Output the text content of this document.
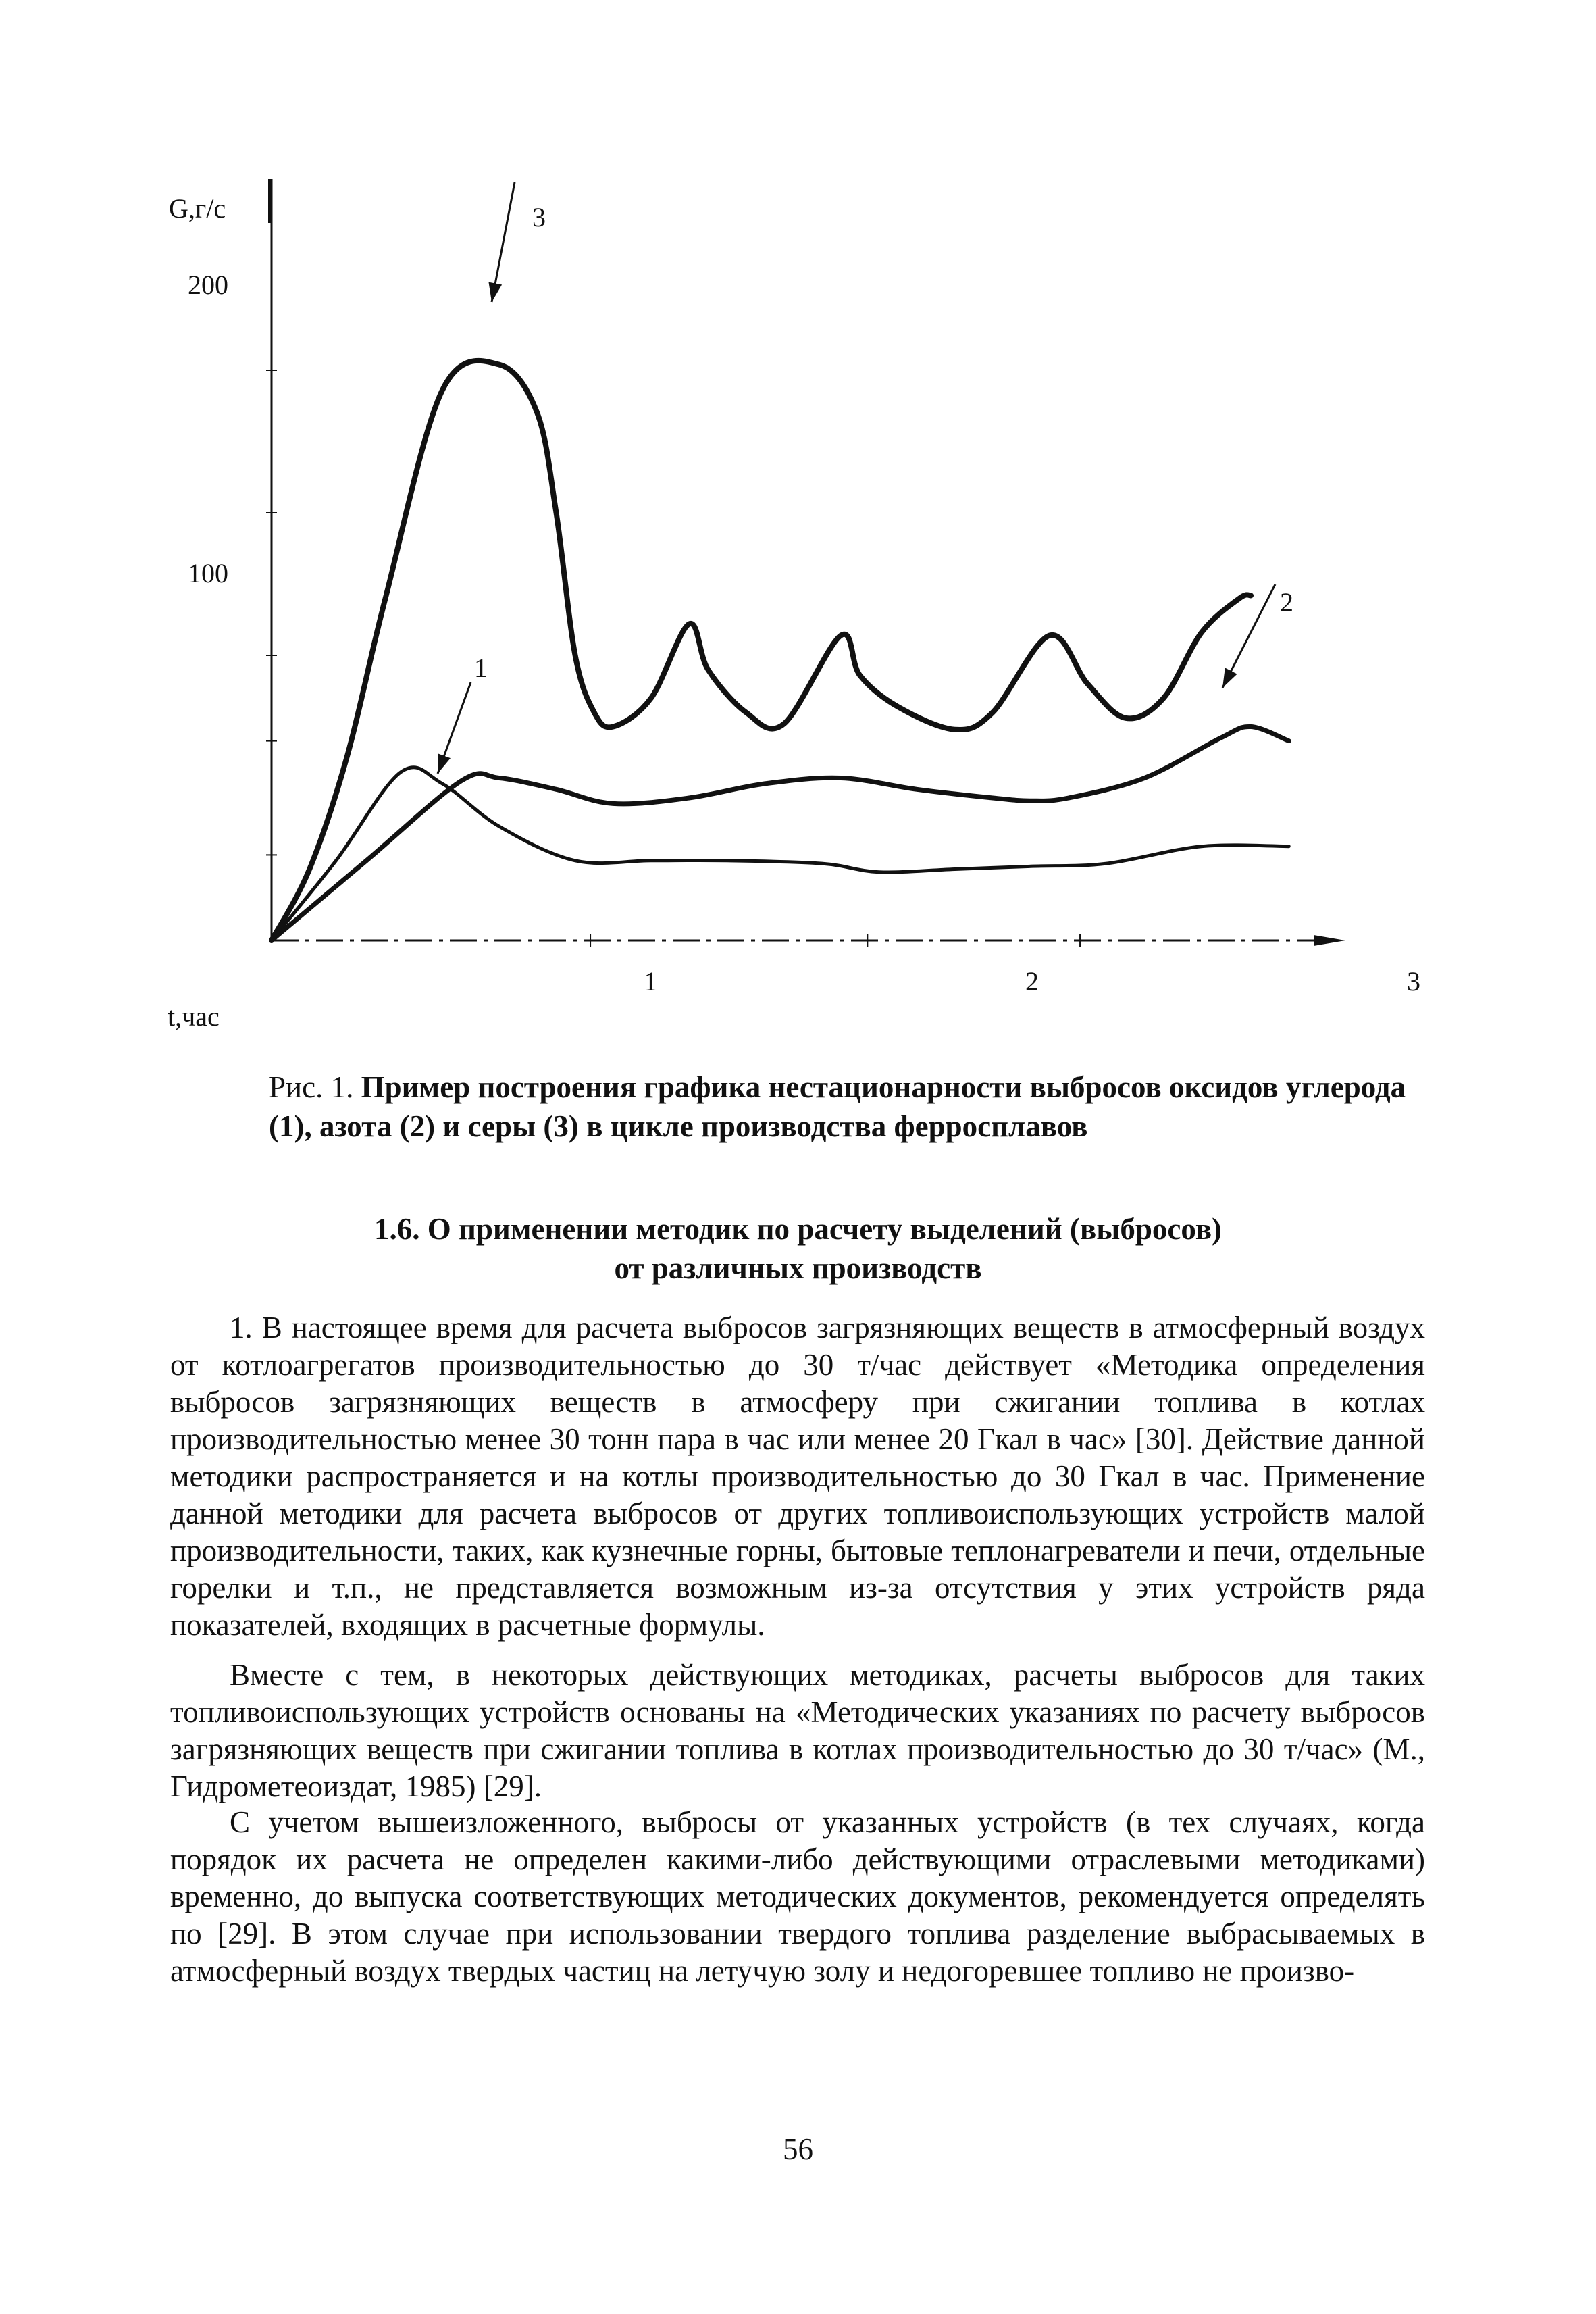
G,г/с
200
100
t,час
1	2	3
3
2
1
Рис. 1. Пример построения графика нестационарности выбросов оксидов углерода (1), азота (2) и серы (3) в цикле производства ферросплавов
1.6. О применении методик по расчету выделений (выбросов)
от различных производств
1. В настоящее время для расчета выбросов загрязняющих веществ в атмосферный воздух от котлоагрегатов производительностью до 30 т/час действует «Методика определения выбросов загрязняющих веществ в атмосферу при сжигании топлива в котлах производительностью менее 30 тонн пара в час или менее 20 Гкал в час» [30]. Действие данной методики распространяется и на котлы производительностью до 30 Гкал в час. Применение данной методики для расчета выбросов от других топливоиспользующих устройств малой производительности, таких, как кузнечные горны, бытовые теплонагреватели и печи, отдельные горелки и т.п., не представляется возможным из-за отсутствия у этих устройств ряда показателей, входящих в расчетные формулы.
Вместе с тем, в некоторых действующих методиках, расчеты выбросов для таких топливоиспользующих устройств основаны на «Методических указаниях по расчету выбросов загрязняющих веществ при сжигании топлива в котлах производительностью до 30 т/час» (М., Гидрометеоиздат, 1985) [29].
С учетом вышеизложенного, выбросы от указанных устройств (в тех случаях, когда порядок их расчета не определен какими-либо действующими отраслевыми методиками) временно, до выпуска соответствующих методических документов, рекомендуется определять по [29]. В этом случае при использовании твердого топлива разделение выбрасываемых в атмосферный воздух твердых частиц на летучую золу и недогоревшее топливо не произво-
56
